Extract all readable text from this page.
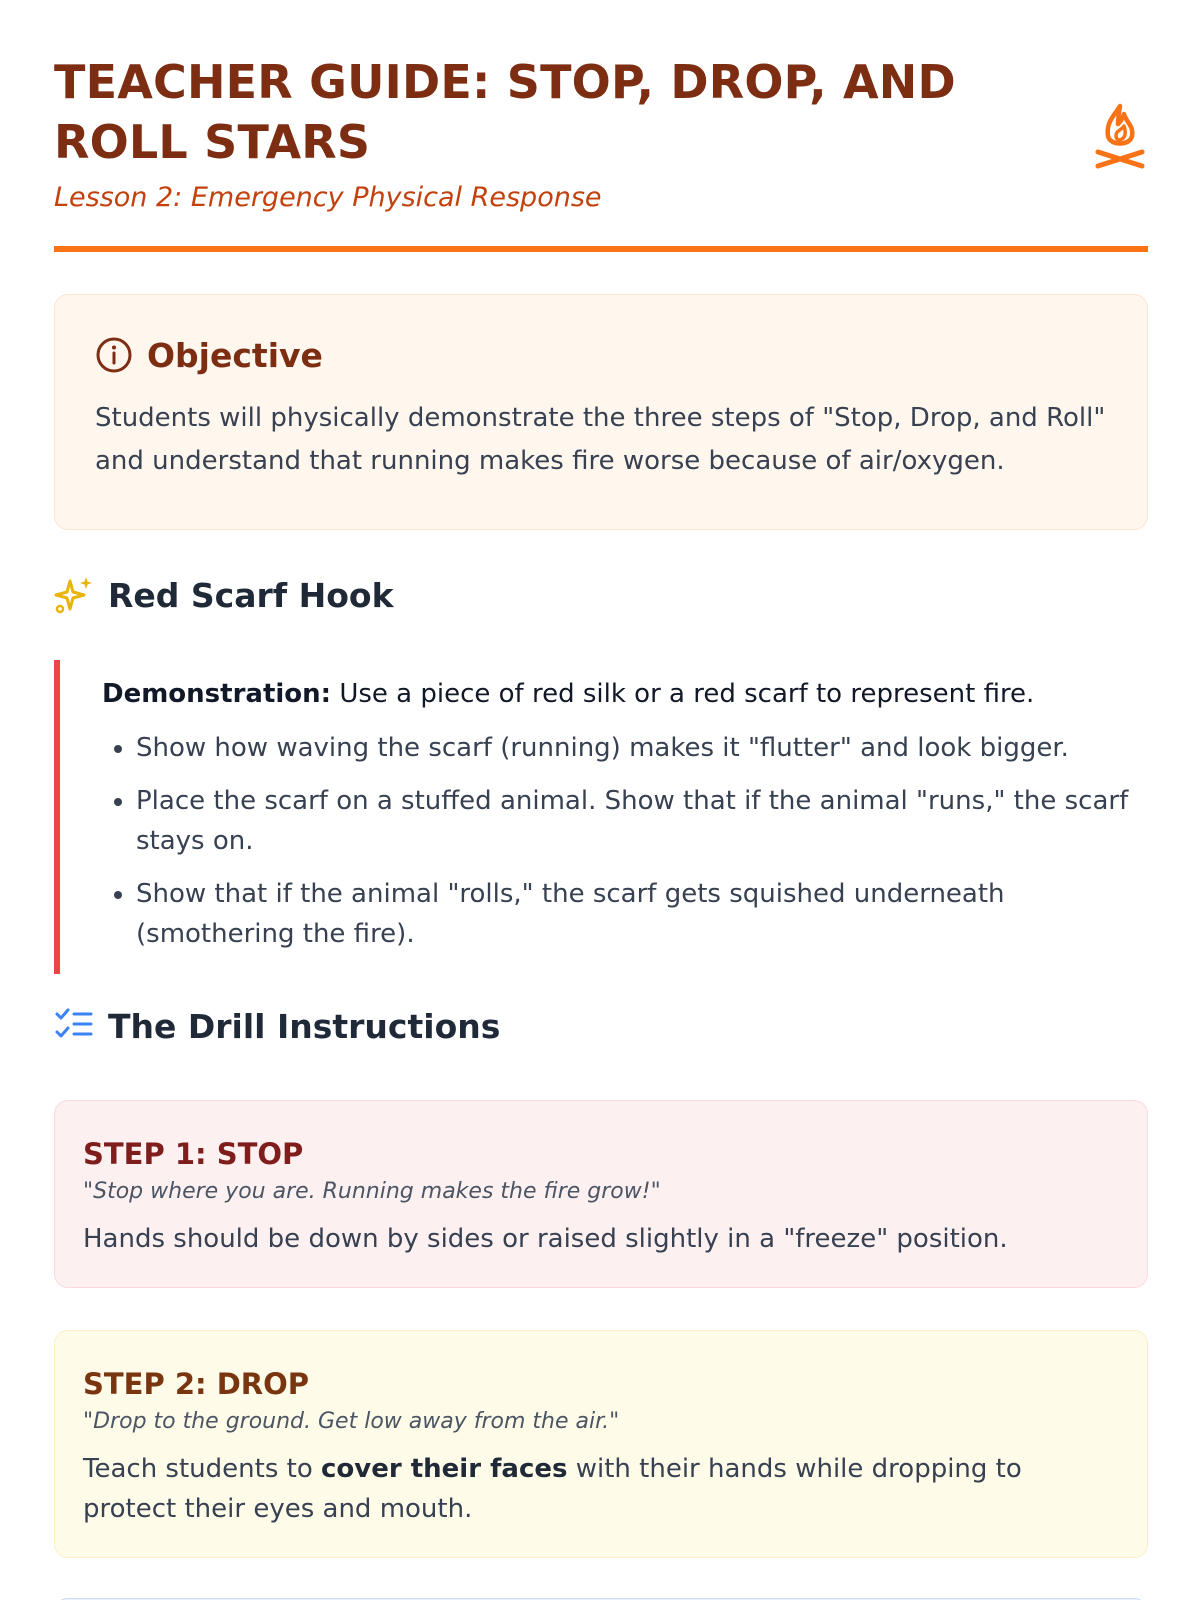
TEACHER GUIDE: STOP, DROP, AND ROLL STARS

Lesson 2: Emergency Physical Response

Objective

Students will physically demonstrate the three steps of "Stop, Drop, and Roll" and understand that running makes fire worse because of air/oxygen.

Red Scarf Hook

Demonstration: Use a piece of red silk or a red scarf to represent fire.

• Show how waving the scarf (running) makes it "flutter" and look bigger.
• Place the scarf on a stuffed animal. Show that if the animal "runs," the scarf stays on.
• Show that if the animal "rolls," the scarf gets squished underneath (smothering the fire).
The Drill Instructions

STEP 1: STOP

"Stop where you are. Running makes the fire grow!"

Hands should be down by sides or raised slightly in a "freeze" position.

STEP 2: DROP

"Drop to the ground. Get low away from the air."

Teach students to cover their faces with their hands while dropping to protect their eyes and mouth.
